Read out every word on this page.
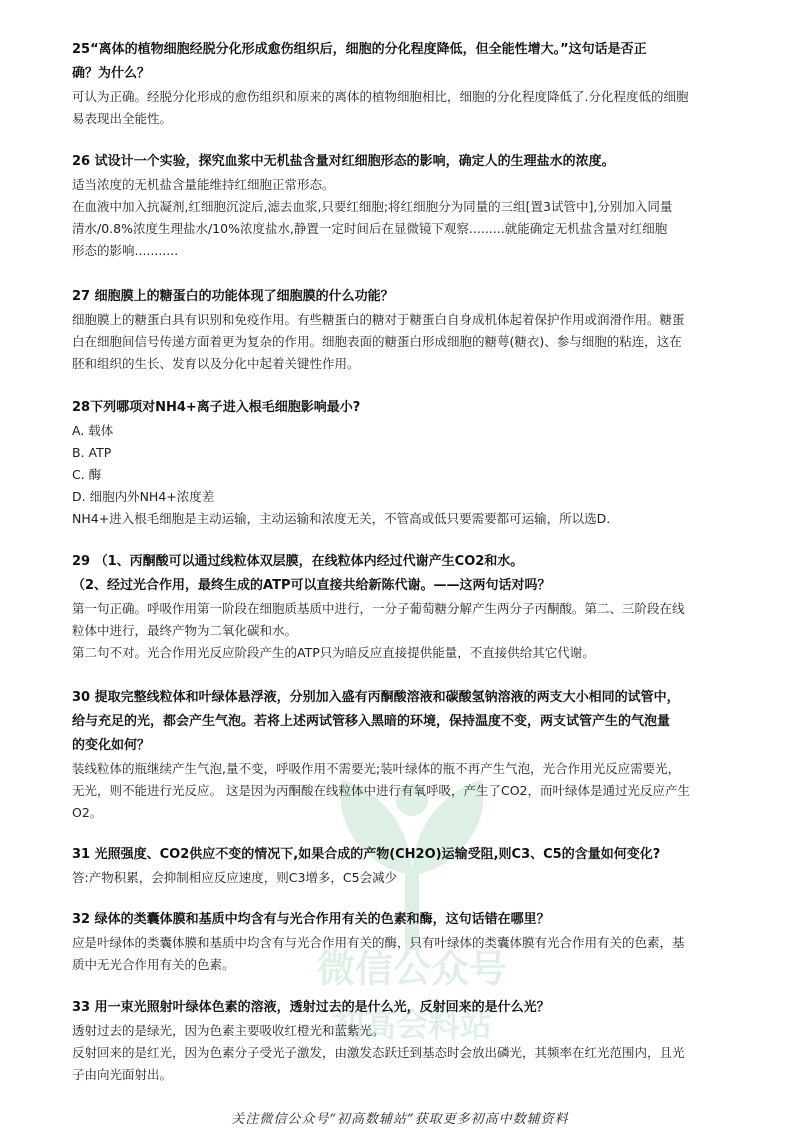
微信公众号
初高会料站

25“离体的植物细胞经脱分化形成愈伤组织后，细胞的分化程度降低，但全能性增大。”这句话是否正

确？为什么？

可认为正确。经脱分化形成的愈伤组织和原来的离体的植物细胞相比，细胞的分化程度降低了.分化程度低的细胞

易表现出全能性。

26 试设计一个实验，探究血浆中无机盐含量对红细胞形态的影响，确定人的生理盐水的浓度。

适当浓度的无机盐含量能维持红细胞正常形态。

在血液中加入抗凝剂,红细胞沉淀后,滤去血浆,只要红细胞;将红细胞分为同量的三组[置3试管中],分别加入同量

清水/0.8%浓度生理盐水/10%浓度盐水,静置一定时间后在显微镜下观察.........就能确定无机盐含量对红细胞

形态的影响...........

27 细胞膜上的糖蛋白的功能体现了细胞膜的什么功能？

细胞膜上的糖蛋白具有识别和免疫作用。有些糖蛋白的糖对于糖蛋白自身成机体起着保护作用或润滑作用。糖蛋

白在细胞间信号传递方面着更为复杂的作用。细胞表面的糖蛋白形成细胞的糖萼(糖衣)、参与细胞的粘连，这在

胚和组织的生长、发育以及分化中起着关键性作用。

28下列哪项对NH4+离子进入根毛细胞影响最小?

A. 载体

B. ATP

C. 酶

D. 细胞内外NH4+浓度差

NH4+进入根毛细胞是主动运输，主动运输和浓度无关，不管高或低只要需要都可运输，所以选D.

29 （1、丙酮酸可以通过线粒体双层膜，在线粒体内经过代谢产生CO2和水。

（2、经过光合作用，最终生成的ATP可以直接共给新陈代谢。——这两句话对吗？

第一句正确。呼吸作用第一阶段在细胞质基质中进行，一分子葡萄糖分解产生两分子丙酮酸。第二、三阶段在线

粒体中进行，最终产物为二氧化碳和水。

第二句不对。光合作用光反应阶段产生的ATP只为暗反应直接提供能量，不直接供给其它代谢。

30 提取完整线粒体和叶绿体悬浮液，分别加入盛有丙酮酸溶液和碳酸氢钠溶液的两支大小相同的试管中，

给与充足的光，都会产生气泡。若将上述两试管移入黑暗的环境，保持温度不变，两支试管产生的气泡量

的变化如何？

装线粒体的瓶继续产生气泡,量不变，呼吸作用不需要光;装叶绿体的瓶不再产生气泡，光合作用光反应需要光，

无光，则不能进行光反应。 这是因为丙酮酸在线粒体中进行有氧呼吸，产生了CO2，而叶绿体是通过光反应产生

O2。

31 光照强度、CO2供应不变的情况下,如果合成的产物(CH2O)运输受阻,则C3、C5的含量如何变化?

答:产物积累，会抑制相应反应速度，则C3增多，C5会减少

32 绿体的类囊体膜和基质中均含有与光合作用有关的色素和酶，这句话错在哪里？

应是叶绿体的类囊体膜和基质中均含有与光合作用有关的酶，只有叶绿体的类囊体膜有光合作用有关的色素，基

质中无光合作用有关的色素。

33 用一束光照射叶绿体色素的溶液，透射过去的是什么光，反射回来的是什么光？

透射过去的是绿光，因为色素主要吸收红橙光和蓝紫光。

反射回来的是红光，因为色素分子受光子激发，由激发态跃迁到基态时会放出磷光，其频率在红光范围内，且光

子由向光面射出。

关注微信公众号“初高数辅站”获取更多初高中数辅资料
